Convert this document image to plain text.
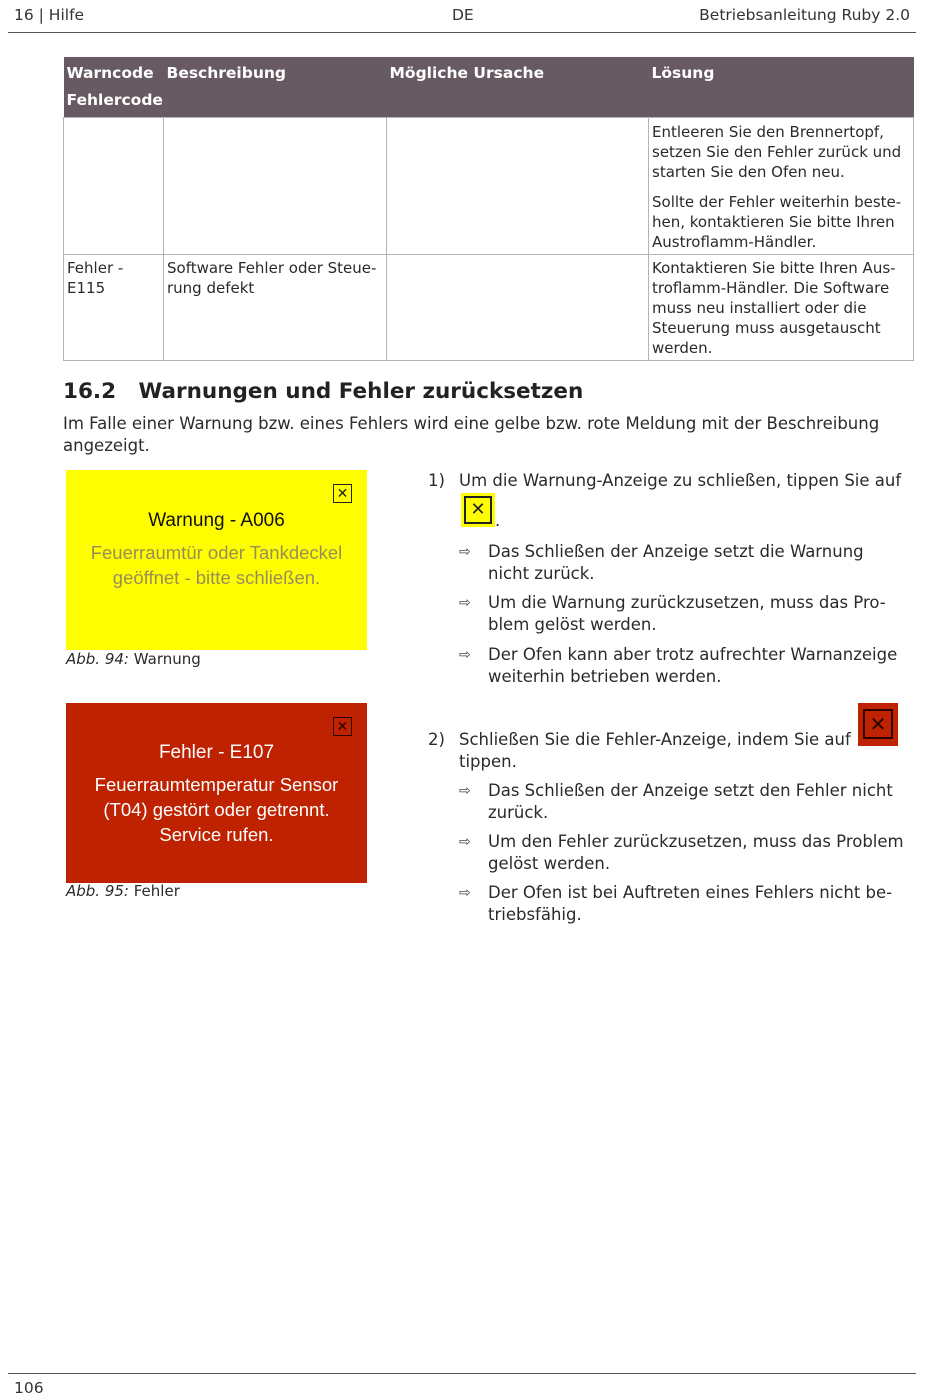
16 | Hilfe	DE	Betriebsanleitung Ruby 2.0
Warncode
Fehlercode	Beschreibung	Mögliche Ursache	Lösung

			Entleeren Sie den Brennertopf, setzen Sie den Fehler zurück und starten Sie den Ofen neu.
Sollte der Fehler weiterhin beste-hen, kontaktieren Sie bitte Ihren Austroflamm-Händler.

Fehler - E115	Software Fehler oder Steue-rung defekt		Kontaktieren Sie bitte Ihren Aus-troflamm-Händler. Die Software muss neu installiert oder die Steuerung muss ausgetauscht werden.
16.2 Warnungen und Fehler zurücksetzen
Im Falle einer Warnung bzw. eines Fehlers wird eine gelbe bzw. rote Meldung mit der Beschreibung angezeigt.
✕
Warnung - A006
Feuerraumtür oder Tankdeckel
geöffnet - bitte schließen.
Abb. 94: Warnung
✕
Fehler - E107
Feuerraumtemperatur Sensor
(T04) gestört oder getrennt.
Service rufen.
Abb. 95: Fehler
1) Um die Warnung-Anzeige zu schließen, tippen Sie auf
✕
.
⇨ Das Schließen der Anzeige setzt die Warnung nicht zurück.
⇨ Um die Warnung zurückzusetzen, muss das Pro-blem gelöst werden.
⇨ Der Ofen kann aber trotz aufrechter Warnanzeige weiterhin betrieben werden.
2) Schließen Sie die Fehler-Anzeige, indem Sie auf
✕
tippen.
⇨ Das Schließen der Anzeige setzt den Fehler nicht zurück.
⇨ Um den Fehler zurückzusetzen, muss das Problem gelöst werden.
⇨ Der Ofen ist bei Auftreten eines Fehlers nicht be-triebsfähig.
106
